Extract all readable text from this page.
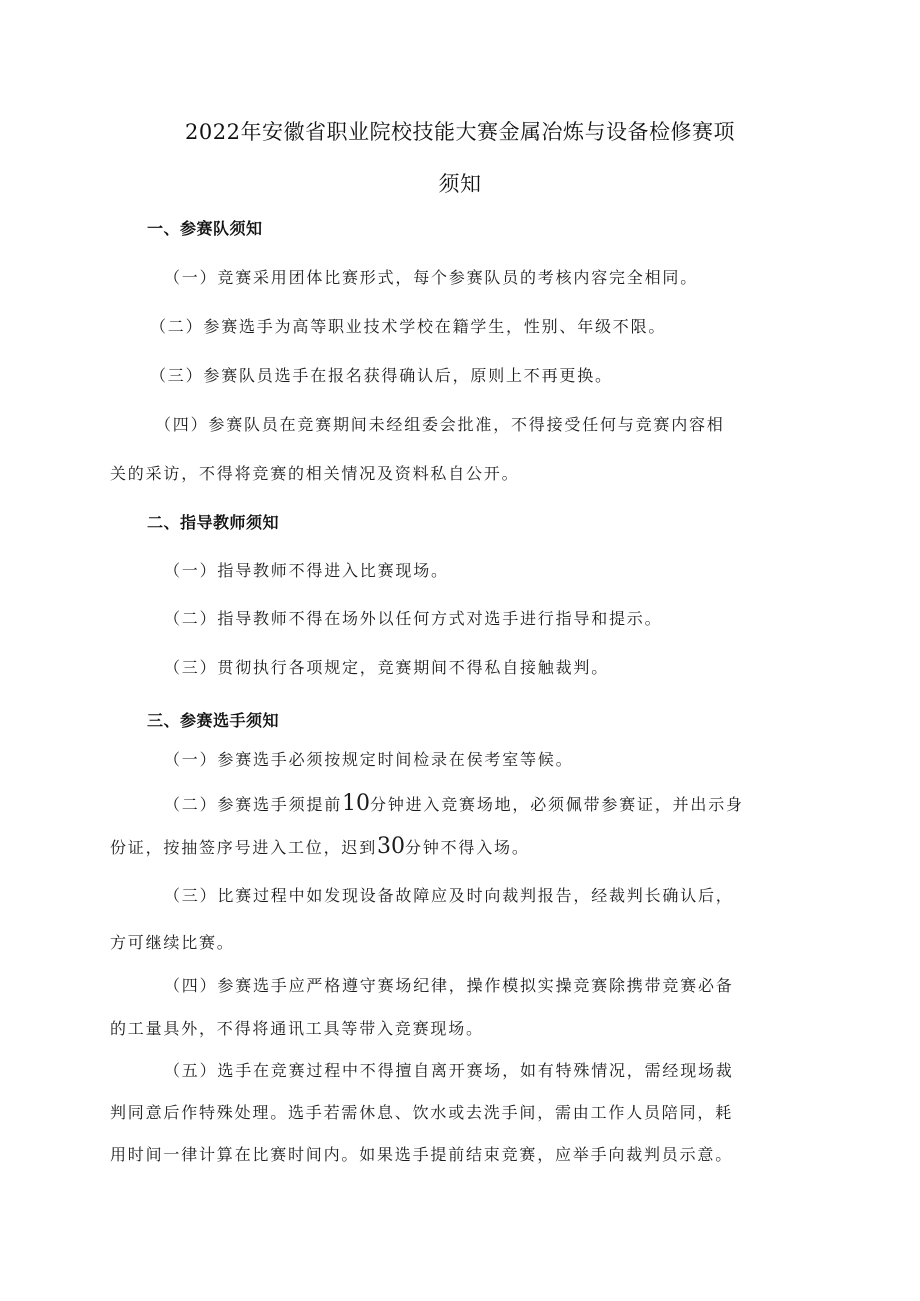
2022年安徽省职业院校技能大赛金属冶炼与设备检修赛项
须知
一、参赛队须知
（一）竞赛采用团体比赛形式，每个参赛队员的考核内容完全相同。
（二）参赛选手为高等职业技术学校在籍学生，性别、年级不限。
（三）参赛队员选手在报名获得确认后，原则上不再更换。
（四）参赛队员在竞赛期间未经组委会批准，不得接受任何与竞赛内容相
关的采访，不得将竞赛的相关情况及资料私自公开。
二、指导教师须知
（一）指导教师不得进入比赛现场。
（二）指导教师不得在场外以任何方式对选手进行指导和提示。
（三）贯彻执行各项规定，竞赛期间不得私自接触裁判。
三、参赛选手须知
（一）参赛选手必须按规定时间检录在侯考室等候。
（二）参赛选手须提前10分钟进入竞赛场地，必须佩带参赛证，并出示身
份证，按抽签序号进入工位，迟到30分钟不得入场。
（三）比赛过程中如发现设备故障应及时向裁判报告，经裁判长确认后，
方可继续比赛。
（四）参赛选手应严格遵守赛场纪律，操作模拟实操竞赛除携带竞赛必备
的工量具外，不得将通讯工具等带入竞赛现场。
（五）选手在竞赛过程中不得擅自离开赛场，如有特殊情况，需经现场裁
判同意后作特殊处理。选手若需休息、饮水或去洗手间，需由工作人员陪同，耗
用时间一律计算在比赛时间内。如果选手提前结束竞赛，应举手向裁判员示意。
